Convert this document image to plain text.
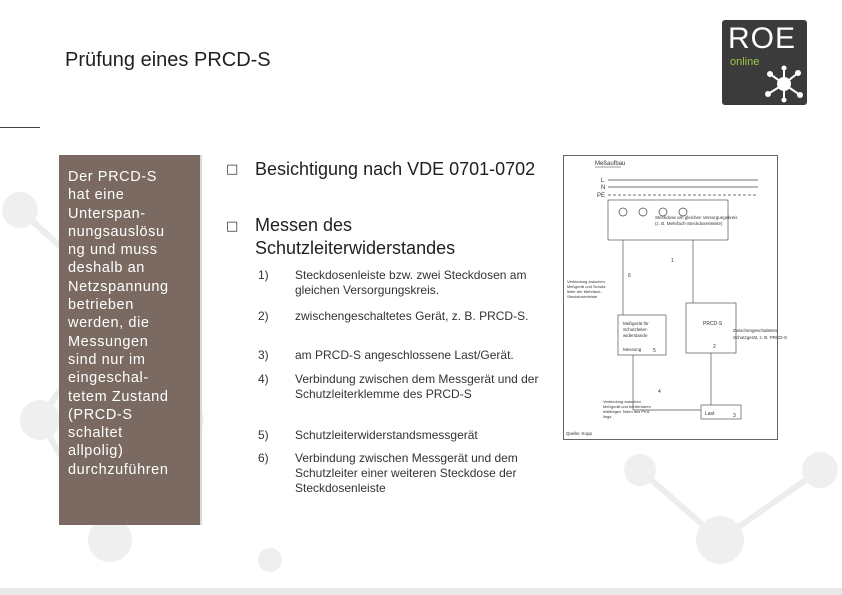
Prüfung eines PRCD-S
ROE
online
Der PRCD-S
hat eine
Unterspan-
nungsauslösu
ng und muss
deshalb an
Netzspannung
betrieben
werden, die
Messungen
sind nur im
eingeschal-
tetem Zustand
(PRCD-S
schaltet
allpolig)
durchzuführen
□ Besichtigung nach VDE 0701-0702
□ Messen des Schutzleiterwiderstandes
1) Steckdosenleiste bzw. zwei Steckdosen am gleichen Versorgungskreis.
2) zwischengeschaltetes Gerät, z. B. PRCD-S.
3) am PRCD-S angeschlossene Last/Gerät.
4) Verbindung zwischen dem Messgerät und der Schutzleiterklemme des PRCD-S
5) Schutzleiterwiderstandsmessgerät
6) Verbindung zwischen Messgerät und dem Schutzleiter einer weiteren Steckdose der Steckdosenleiste
Meßaufbau
L
N
PE
Steckdose am gleichen Versorgungskreis
(z. B. Mehrfach-Steckdosenleiste)
1
Verbindung zwischen
Meßgerät und Schutz-
leiter der Mehrfach-
Steckdosenleiste
Meßgerät für
Schutzleiter-
widerstands-
Messung
PRCD-S
Zwischengeschaltetes
Schutzgerät, z. B. PRCD-S
Verbindung zwischen
Meßgerät und berührbaren
leitfähigen Teilen des Prüf-
lings.	Last
Quelle: Kopp
2
3
4
5
6
12
